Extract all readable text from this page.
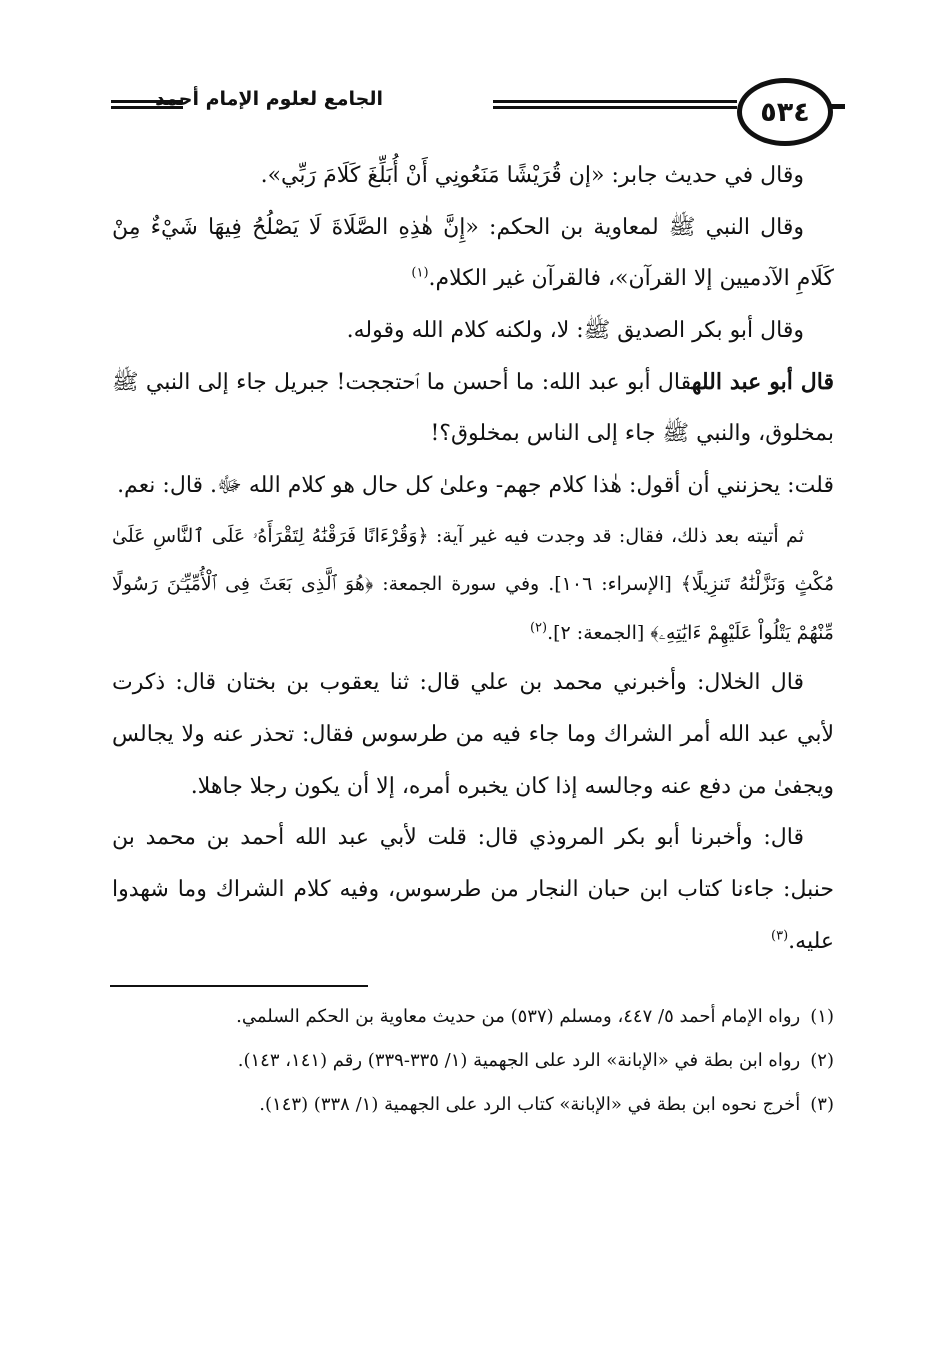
٥٣٤
الجامع لعلوم الإمام أحمد

وقال في حديث جابر: «إن قُرَيْشًا مَنَعُونِي أَنْ أُبَلِّغَ كَلَامَ رَبِّي».

وقال النبي ﷺ لمعاوية بن الحكم: «إِنَّ هٰذِهِ الصَّلَاةَ لَا يَصْلُحُ فِيهَا شَيْءٌ مِنْ كَلَامِ الآدميين إلا القرآن»، فالقرآن غير الكلام.$^{(١)}$

وقال أبو بكر الصديق ﷺ: لا، ولكنه كلام الله وقوله.

قال أبو عبد اللهقال أبو عبد الله: ما أحسن ما ٱحتججت! جبريل جاء إلى النبي ﷺ بمخلوق، والنبي ﷺ جاء إلى الناس بمخلوق؟!

قلت: يحزنني أن أقول: هٰذا كلام جهم- وعلىٰ كل حال هو كلام الله ﷻ. قال: نعم.

ثم أتيته بعد ذلك، فقال: قد وجدت فيه غير آية: ﴿وَقُرْءَانًا فَرَقْنَٰهُ لِتَقْرَأَهُۥ عَلَى ٱلنَّاسِ عَلَىٰ مُكْثٍ وَنَزَّلْنَٰهُ تَنزِيلًا﴾ [الإسراء: ١٠٦]. وفي سورة الجمعة: ﴿هُوَ ٱلَّذِى بَعَثَ فِى ٱلْأُمِّيِّـۧنَ رَسُولًا مِّنْهُمْ يَتْلُواْ عَلَيْهِمْ ءَايَٰتِهِۦ﴾ [الجمعة: ٢].$^{(٢)}$

قال الخلال: وأخبرني محمد بن علي قال: ثنا يعقوب بن بختان قال: ذكرت لأبي عبد الله أمر الشراك وما جاء فيه من طرسوس فقال: تحذر عنه ولا يجالس ويجفىٰ من دفع عنه وجالسه إذا كان يخبره أمره، إلا أن يكون رجلا جاهلا.

قال: وأخبرنا أبو بكر المروذي قال: قلت لأبي عبد الله أحمد بن محمد بن حنبل: جاءنا كتاب ابن حبان النجار من طرسوس، وفيه كلام الشراك وما شهدوا عليه.$^{(٣)}$

(١)رواه الإمام أحمد ٥/ ٤٤٧، ومسلم (٥٣٧) من حديث معاوية بن الحكم السلمي.

(٢)رواه ابن بطة في «الإبانة» الرد على الجهمية (١/ ٣٣٥-٣٣٩) رقم (١٤١، ١٤٣).

(٣)أخرج نحوه ابن بطة في «الإبانة» كتاب الرد على الجهمية (١/ ٣٣٨) (١٤٣).
